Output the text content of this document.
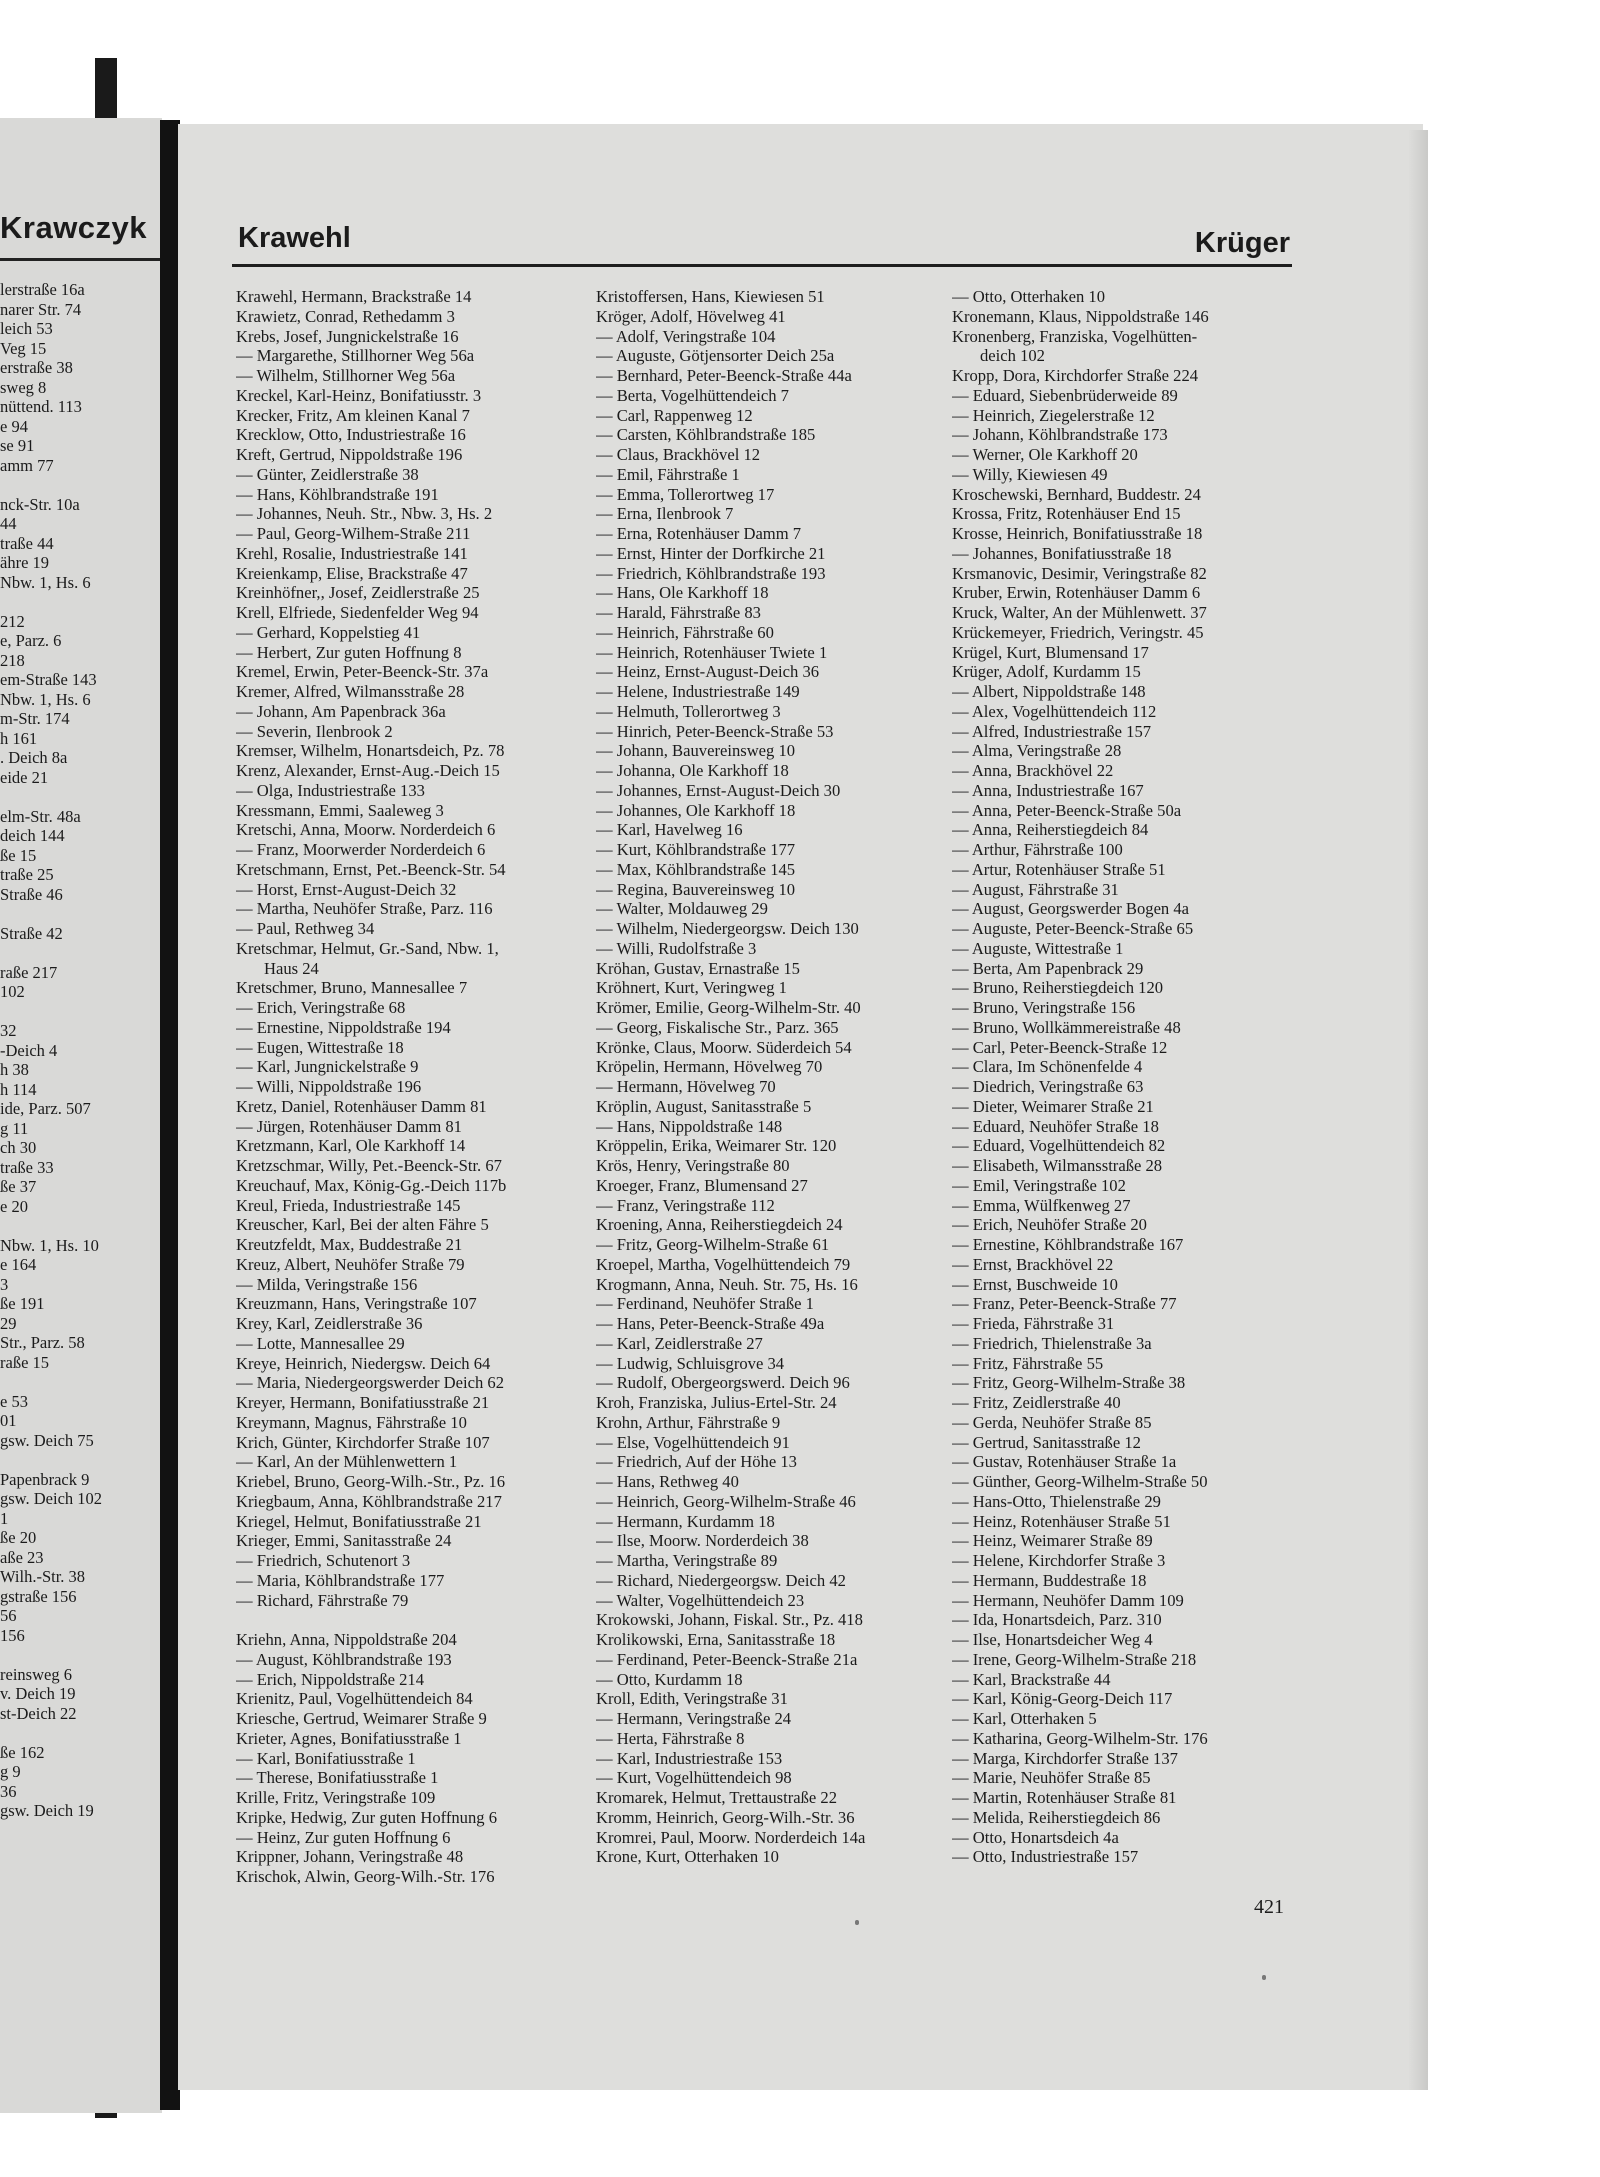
Krawczyk
lerstraße 16a
narer Str. 74
leich 53
Veg 15
erstraße 38
sweg 8
nüttend. 113
e 94
se 91
amm 77
nck-Str. 10a
44
traße 44
ähre 19
Nbw. 1, Hs. 6
212
e, Parz. 6
218
em-Straße 143
Nbw. 1, Hs. 6
m-Str. 174
h 161
. Deich 8a
eide 21
elm-Str. 48a
deich 144
ße 15
traße 25
Straße 46
Straße 42
raße 217
102
32
-Deich 4
h 38
h 114
ide, Parz. 507
g 11
ch 30
traße 33
ße 37
e 20
Nbw. 1, Hs. 10
e 164
3
ße 191
29
Str., Parz. 58
raße 15
e 53
01
gsw. Deich 75
Papenbrack 9
gsw. Deich 102
1
ße 20
aße 23
Wilh.-Str. 38
gstraße 156
56
156
reinsweg 6
v. Deich 19
st-Deich 22
ße 162
g 9
36
gsw. Deich 19
Krawehl	Krüger
Krawehl, Hermann, Brackstraße 14
Krawietz, Conrad, Rethedamm 3
Krebs, Josef, Jungnickelstraße 16
— Margarethe, Stillhorner Weg 56a
— Wilhelm, Stillhorner Weg 56a
Kreckel, Karl-Heinz, Bonifatiusstr. 3
Krecker, Fritz, Am kleinen Kanal 7
Krecklow, Otto, Industriestraße 16
Kreft, Gertrud, Nippoldstraße 196
— Günter, Zeidlerstraße 38
— Hans, Köhlbrandstraße 191
— Johannes, Neuh. Str., Nbw. 3, Hs. 2
— Paul, Georg-Wilhem-Straße 211
Krehl, Rosalie, Industriestraße 141
Kreienkamp, Elise, Brackstraße 47
Kreinhöfner,, Josef, Zeidlerstraße 25
Krell, Elfriede, Siedenfelder Weg 94
— Gerhard, Koppelstieg 41
— Herbert, Zur guten Hoffnung 8
Kremel, Erwin, Peter-Beenck-Str. 37a
Kremer, Alfred, Wilmansstraße 28
— Johann, Am Papenbrack 36a
— Severin, Ilenbrook 2
Kremser, Wilhelm, Honartsdeich, Pz. 78
Krenz, Alexander, Ernst-Aug.-Deich 15
— Olga, Industriestraße 133
Kressmann, Emmi, Saaleweg 3
Kretschi, Anna, Moorw. Norderdeich 6
— Franz, Moorwerder Norderdeich 6
Kretschmann, Ernst, Pet.-Beenck-Str. 54
— Horst, Ernst-August-Deich 32
— Martha, Neuhöfer Straße, Parz. 116
— Paul, Rethweg 34
Kretschmar, Helmut, Gr.-Sand, Nbw. 1,
Haus 24
Kretschmer, Bruno, Mannesallee 7
— Erich, Veringstraße 68
— Ernestine, Nippoldstraße 194
— Eugen, Wittestraße 18
— Karl, Jungnickelstraße 9
— Willi, Nippoldstraße 196
Kretz, Daniel, Rotenhäuser Damm 81
— Jürgen, Rotenhäuser Damm 81
Kretzmann, Karl, Ole Karkhoff 14
Kretzschmar, Willy, Pet.-Beenck-Str. 67
Kreuchauf, Max, König-Gg.-Deich 117b
Kreul, Frieda, Industriestraße 145
Kreuscher, Karl, Bei der alten Fähre 5
Kreutzfeldt, Max, Buddestraße 21
Kreuz, Albert, Neuhöfer Straße 79
— Milda, Veringstraße 156
Kreuzmann, Hans, Veringstraße 107
Krey, Karl, Zeidlerstraße 36
— Lotte, Mannesallee 29
Kreye, Heinrich, Niedergsw. Deich 64
— Maria, Niedergeorgswerder Deich 62
Kreyer, Hermann, Bonifatiusstraße 21
Kreymann, Magnus, Fährstraße 10
Krich, Günter, Kirchdorfer Straße 107
— Karl, An der Mühlenwettern 1
Kriebel, Bruno, Georg-Wilh.-Str., Pz. 16
Kriegbaum, Anna, Köhlbrandstraße 217
Kriegel, Helmut, Bonifatiusstraße 21
Krieger, Emmi, Sanitasstraße 24
— Friedrich, Schutenort 3
— Maria, Köhlbrandstraße 177
— Richard, Fährstraße 79
Kriehn, Anna, Nippoldstraße 204
— August, Köhlbrandstraße 193
— Erich, Nippoldstraße 214
Krienitz, Paul, Vogelhüttendeich 84
Kriesche, Gertrud, Weimarer Straße 9
Krieter, Agnes, Bonifatiusstraße 1
— Karl, Bonifatiusstraße 1
— Therese, Bonifatiusstraße 1
Krille, Fritz, Veringstraße 109
Kripke, Hedwig, Zur guten Hoffnung 6
— Heinz, Zur guten Hoffnung 6
Krippner, Johann, Veringstraße 48
Krischok, Alwin, Georg-Wilh.-Str. 176
Kristoffersen, Hans, Kiewiesen 51
Kröger, Adolf, Hövelweg 41
— Adolf, Veringstraße 104
— Auguste, Götjensorter Deich 25a
— Bernhard, Peter-Beenck-Straße 44a
— Berta, Vogelhüttendeich 7
— Carl, Rappenweg 12
— Carsten, Köhlbrandstraße 185
— Claus, Brackhövel 12
— Emil, Fährstraße 1
— Emma, Tollerortweg 17
— Erna, Ilenbrook 7
— Erna, Rotenhäuser Damm 7
— Ernst, Hinter der Dorfkirche 21
— Friedrich, Köhlbrandstraße 193
— Hans, Ole Karkhoff 18
— Harald, Fährstraße 83
— Heinrich, Fährstraße 60
— Heinrich, Rotenhäuser Twiete 1
— Heinz, Ernst-August-Deich 36
— Helene, Industriestraße 149
— Helmuth, Tollerortweg 3
— Hinrich, Peter-Beenck-Straße 53
— Johann, Bauvereinsweg 10
— Johanna, Ole Karkhoff 18
— Johannes, Ernst-August-Deich 30
— Johannes, Ole Karkhoff 18
— Karl, Havelweg 16
— Kurt, Köhlbrandstraße 177
— Max, Köhlbrandstraße 145
— Regina, Bauvereinsweg 10
— Walter, Moldauweg 29
— Wilhelm, Niedergeorgsw. Deich 130
— Willi, Rudolfstraße 3
Kröhan, Gustav, Ernastraße 15
Kröhnert, Kurt, Veringweg 1
Krömer, Emilie, Georg-Wilhelm-Str. 40
— Georg, Fiskalische Str., Parz. 365
Krönke, Claus, Moorw. Süderdeich 54
Kröpelin, Hermann, Hövelweg 70
— Hermann, Hövelweg 70
Kröplin, August, Sanitasstraße 5
— Hans, Nippoldstraße 148
Kröppelin, Erika, Weimarer Str. 120
Krös, Henry, Veringstraße 80
Kroeger, Franz, Blumensand 27
— Franz, Veringstraße 112
Kroening, Anna, Reiherstiegdeich 24
— Fritz, Georg-Wilhelm-Straße 61
Kroepel, Martha, Vogelhüttendeich 79
Krogmann, Anna, Neuh. Str. 75, Hs. 16
— Ferdinand, Neuhöfer Straße 1
— Hans, Peter-Beenck-Straße 49a
— Karl, Zeidlerstraße 27
— Ludwig, Schluisgrove 34
— Rudolf, Obergeorgswerd. Deich 96
Kroh, Franziska, Julius-Ertel-Str. 24
Krohn, Arthur, Fährstraße 9
— Else, Vogelhüttendeich 91
— Friedrich, Auf der Höhe 13
— Hans, Rethweg 40
— Heinrich, Georg-Wilhelm-Straße 46
— Hermann, Kurdamm 18
— Ilse, Moorw. Norderdeich 38
— Martha, Veringstraße 89
— Richard, Niedergeorgsw. Deich 42
— Walter, Vogelhüttendeich 23
Krokowski, Johann, Fiskal. Str., Pz. 418
Krolikowski, Erna, Sanitasstraße 18
— Ferdinand, Peter-Beenck-Straße 21a
— Otto, Kurdamm 18
Kroll, Edith, Veringstraße 31
— Hermann, Veringstraße 24
— Herta, Fährstraße 8
— Karl, Industriestraße 153
— Kurt, Vogelhüttendeich 98
Kromarek, Helmut, Trettaustraße 22
Kromm, Heinrich, Georg-Wilh.-Str. 36
Kromrei, Paul, Moorw. Norderdeich 14a
Krone, Kurt, Otterhaken 10
— Otto, Otterhaken 10
Kronemann, Klaus, Nippoldstraße 146
Kronenberg, Franziska, Vogelhütten-
deich 102
Kropp, Dora, Kirchdorfer Straße 224
— Eduard, Siebenbrüderweide 89
— Heinrich, Ziegelerstraße 12
— Johann, Köhlbrandstraße 173
— Werner, Ole Karkhoff 20
— Willy, Kiewiesen 49
Kroschewski, Bernhard, Buddestr. 24
Krossa, Fritz, Rotenhäuser End 15
Krosse, Heinrich, Bonifatiusstraße 18
— Johannes, Bonifatiusstraße 18
Krsmanovic, Desimir, Veringstraße 82
Kruber, Erwin, Rotenhäuser Damm 6
Kruck, Walter, An der Mühlenwett. 37
Krückemeyer, Friedrich, Veringstr. 45
Krügel, Kurt, Blumensand 17
Krüger, Adolf, Kurdamm 15
— Albert, Nippoldstraße 148
— Alex, Vogelhüttendeich 112
— Alfred, Industriestraße 157
— Alma, Veringstraße 28
— Anna, Brackhövel 22
— Anna, Industriestraße 167
— Anna, Peter-Beenck-Straße 50a
— Anna, Reiherstiegdeich 84
— Arthur, Fährstraße 100
— Artur, Rotenhäuser Straße 51
— August, Fährstraße 31
— August, Georgswerder Bogen 4a
— Auguste, Peter-Beenck-Straße 65
— Auguste, Wittestraße 1
— Berta, Am Papenbrack 29
— Bruno, Reiherstiegdeich 120
— Bruno, Veringstraße 156
— Bruno, Wollkämmereistraße 48
— Carl, Peter-Beenck-Straße 12
— Clara, Im Schönenfelde 4
— Diedrich, Veringstraße 63
— Dieter, Weimarer Straße 21
— Eduard, Neuhöfer Straße 18
— Eduard, Vogelhüttendeich 82
— Elisabeth, Wilmansstraße 28
— Emil, Veringstraße 102
— Emma, Wülfkenweg 27
— Erich, Neuhöfer Straße 20
— Ernestine, Köhlbrandstraße 167
— Ernst, Brackhövel 22
— Ernst, Buschweide 10
— Franz, Peter-Beenck-Straße 77
— Frieda, Fährstraße 31
— Friedrich, Thielenstraße 3a
— Fritz, Fährstraße 55
— Fritz, Georg-Wilhelm-Straße 38
— Fritz, Zeidlerstraße 40
— Gerda, Neuhöfer Straße 85
— Gertrud, Sanitasstraße 12
— Gustav, Rotenhäuser Straße 1a
— Günther, Georg-Wilhelm-Straße 50
— Hans-Otto, Thielenstraße 29
— Heinz, Rotenhäuser Straße 51
— Heinz, Weimarer Straße 89
— Helene, Kirchdorfer Straße 3
— Hermann, Buddestraße 18
— Hermann, Neuhöfer Damm 109
— Ida, Honartsdeich, Parz. 310
— Ilse, Honartsdeicher Weg 4
— Irene, Georg-Wilhelm-Straße 218
— Karl, Brackstraße 44
— Karl, König-Georg-Deich 117
— Karl, Otterhaken 5
— Katharina, Georg-Wilhelm-Str. 176
— Marga, Kirchdorfer Straße 137
— Marie, Neuhöfer Straße 85
— Martin, Rotenhäuser Straße 81
— Melida, Reiherstiegdeich 86
— Otto, Honartsdeich 4a
— Otto, Industriestraße 157
421
